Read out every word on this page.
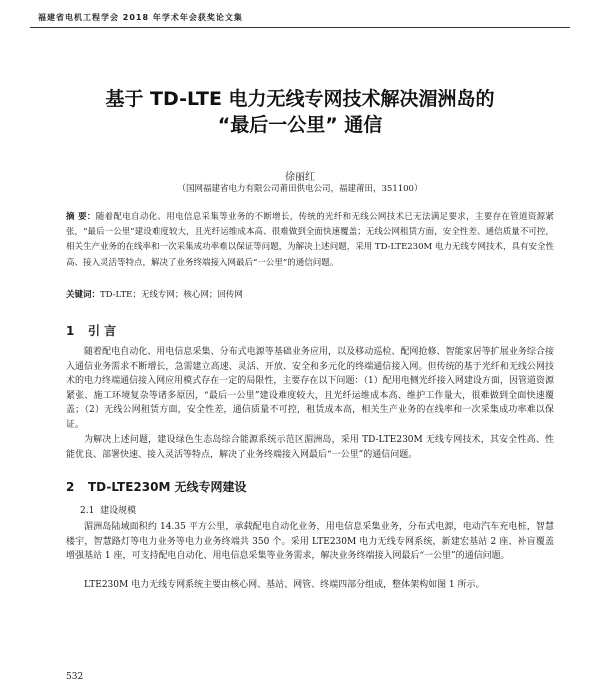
福建省电机工程学会 2018 年学术年会获奖论文集
基于 TD-LTE 电力无线专网技术解决湄洲岛的
“最后一公里” 通信
徐丽红
（国网福建省电力有限公司莆田供电公司，福建莆田，351100）
摘 要：随着配电自动化、用电信息采集等业务的不断增长，传统的光纤和无线公网技术已无法满足要求，主要存在管道资源紧张，“最后一公里”建设难度较大，且光纤运维成本高、很难做到全面快速覆盖；无线公网租赁方面，安全性差、通信质量不可控，相关生产业务的在线率和一次采集成功率难以保证等问题，为解决上述问题，采用 TD-LTE230M 电力无线专网技术，具有安全性高、接入灵活等特点，解决了业务终端接入网最后“一公里”的通信问题。
关键词：TD-LTE；无线专网；核心网；回传网
1 引 言

随着配电自动化、用电信息采集、分布式电源等基础业务应用，以及移动巡检、配网抢修、智能家居等扩展业务综合接入通信业务需求不断增长，急需建立高速、灵活、开放、安全和多元化的终端通信接入网。但传统的基于光纤和无线公网技术的电力终端通信接入网应用模式存在一定的局限性，主要存在以下问题：（1）配用电侧光纤接入网建设方面，因管道资源紧张、施工环境复杂等诸多原因，“最后一公里”建设难度较大，且光纤运维成本高、维护工作量大，很难做到全面快速覆盖；（2）无线公网租赁方面，安全性差，通信质量不可控，租赁成本高，相关生产业务的在线率和一次采集成功率难以保证。

为解决上述问题，建设绿色生态岛综合能源系统示范区湄洲岛，采用 TD-LTE230M 无线专网技术，其安全性高、性能优良、部署快速、接入灵活等特点，解决了业务终端接入网最后“一公里”的通信问题。

2 TD-LTE230M 无线专网建设
2.1 建设规模

湄洲岛陆域面积约 14.35 平方公里，承载配电自动化业务，用电信息采集业务，分布式电源，电动汽车充电桩，智慧楼宇，智慧路灯等电力业务等电力业务终端共 350 个。采用 LTE230M 电力无线专网系统，新建宏基站 2 座、补盲覆盖增强基站 1 座，可支持配电自动化、用电信息采集等业务需求，解决业务终端接入网最后“一公里”的通信问题。

LTE230M 电力无线专网系统主要由核心网、基站、网管、终端四部分组成，整体架构如图 1 所示。

532
